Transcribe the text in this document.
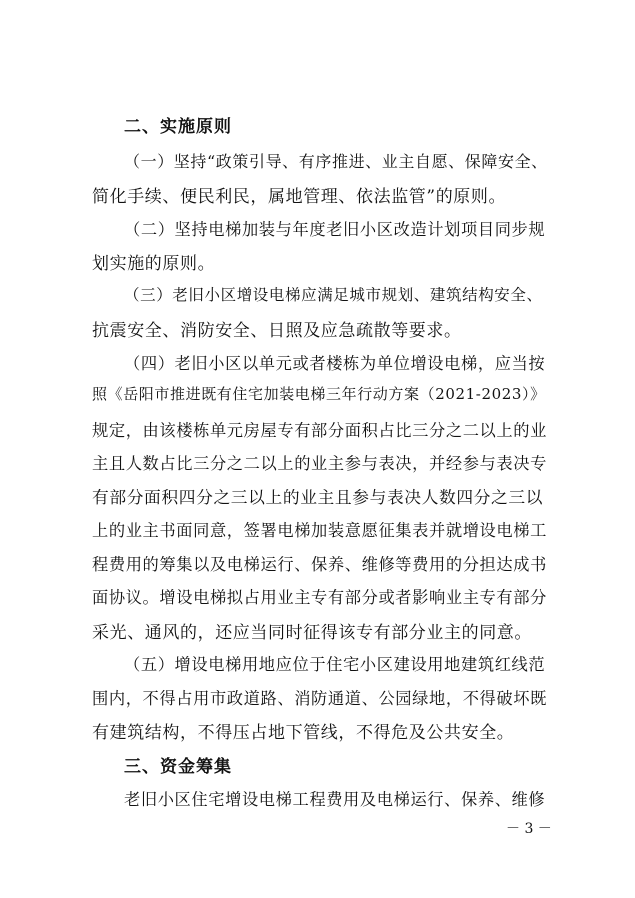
二、实施原则
（一）坚持“政策引导、有序推进、业主自愿、保障安全、
简化手续、便民利民，属地管理、依法监管”的原则。
（二）坚持电梯加装与年度老旧小区改造计划项目同步规
划实施的原则。
（三）老旧小区增设电梯应满足城市规划、建筑结构安全、
抗震安全、消防安全、日照及应急疏散等要求。
（四）老旧小区以单元或者楼栋为单位增设电梯，应当按
照《岳阳市推进既有住宅加装电梯三年行动方案（2021-2023）》
规定，由该楼栋单元房屋专有部分面积占比三分之二以上的业
主且人数占比三分之二以上的业主参与表决，并经参与表决专
有部分面积四分之三以上的业主且参与表决人数四分之三以
上的业主书面同意，签署电梯加装意愿征集表并就增设电梯工
程费用的筹集以及电梯运行、保养、维修等费用的分担达成书
面协议。增设电梯拟占用业主专有部分或者影响业主专有部分
采光、通风的，还应当同时征得该专有部分业主的同意。
（五）增设电梯用地应位于住宅小区建设用地建筑红线范
围内，不得占用市政道路、消防通道、公园绿地，不得破坏既
有建筑结构，不得压占地下管线，不得危及公共安全。
三、资金筹集
老旧小区住宅增设电梯工程费用及电梯运行、保养、维修
－ 3 －
